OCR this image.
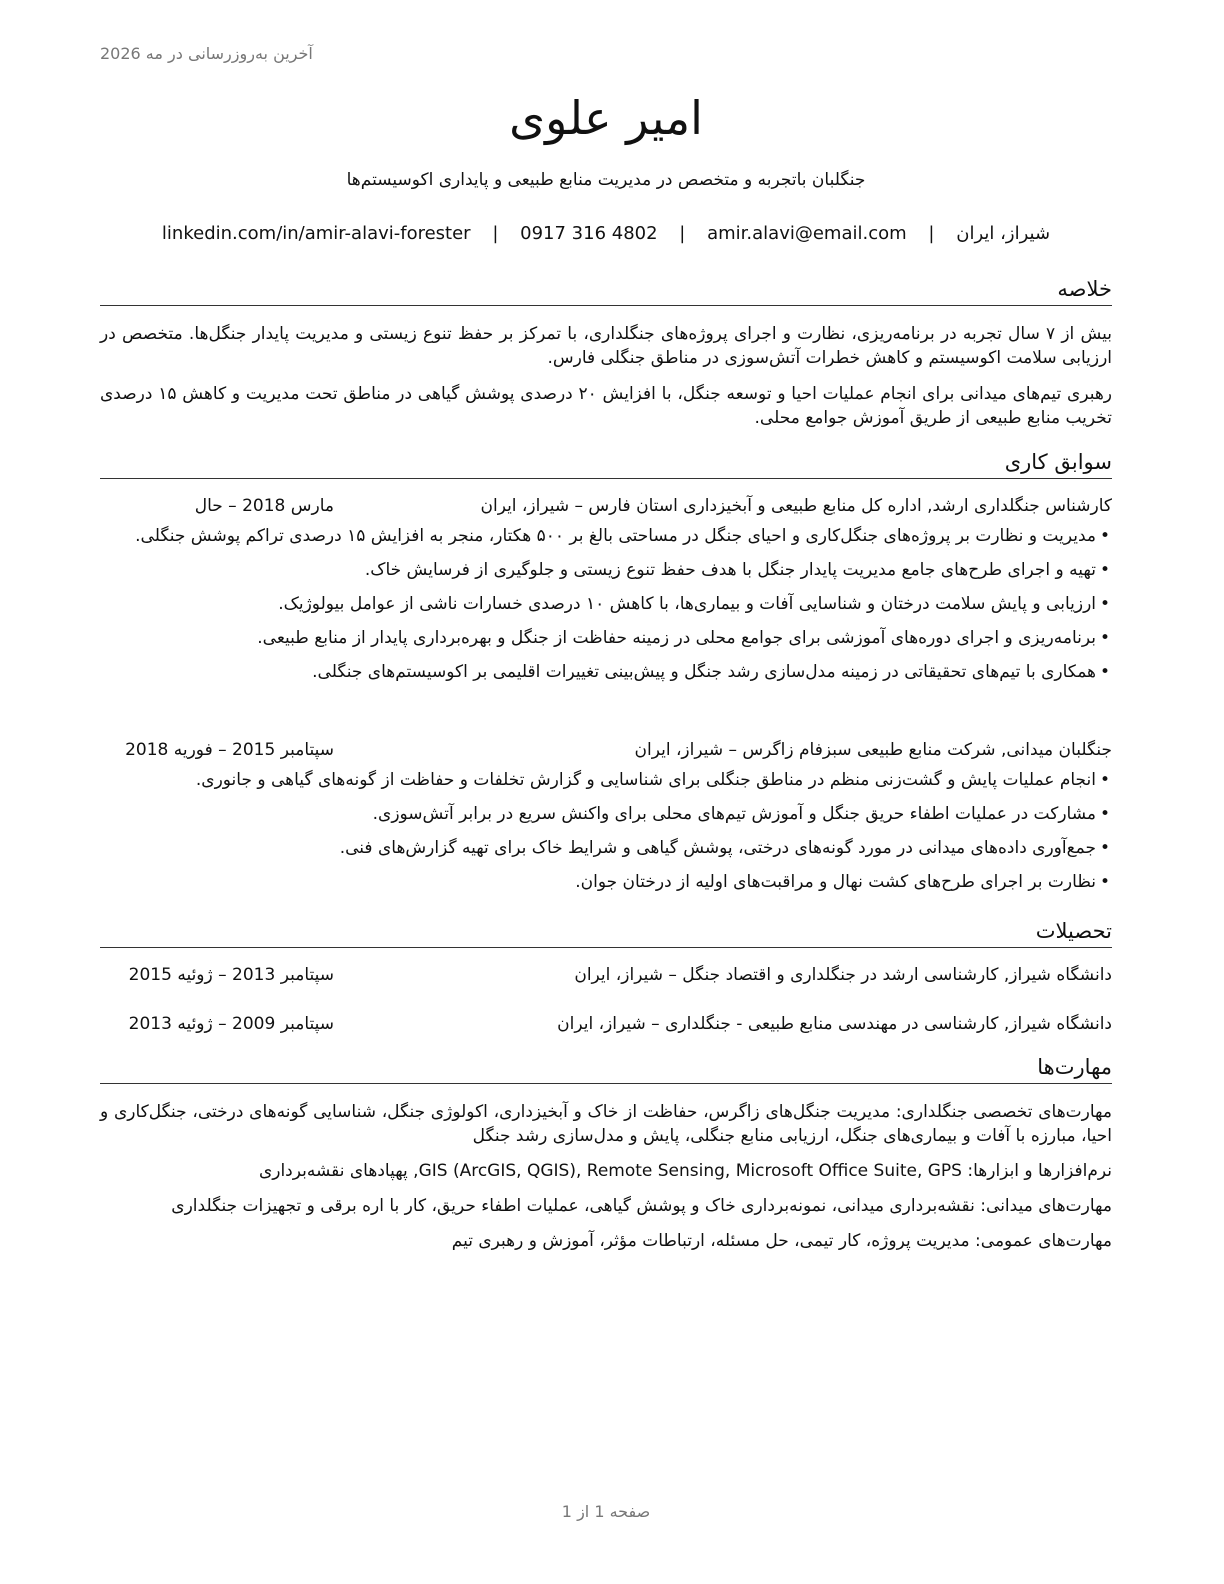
آخرین به‌روزرسانی در مه 2026
امیر علوی
جنگلبان باتجربه و متخصص در مدیریت منابع طبیعی و پایداری اکوسیستم‌ها
شیراز، ایران | amir.alavi@email.com | 0917 316 4802 | linkedin.com/in/amir-alavi-forester
خلاصه
بیش از ۷ سال تجربه در برنامه‌ریزی، نظارت و اجرای پروژه‌های جنگلداری، با تمرکز بر حفظ تنوع زیستی و مدیریت پایدار جنگل‌ها. متخصص در ارزیابی سلامت اکوسیستم و کاهش خطرات آتش‌سوزی در مناطق جنگلی فارس.
رهبری تیم‌های میدانی برای انجام عملیات احیا و توسعه جنگل، با افزایش ۲۰ درصدی پوشش گیاهی در مناطق تحت مدیریت و کاهش ۱۵ درصدی تخریب منابع طبیعی از طریق آموزش جوامع محلی.
سوابق کاری
کارشناس جنگلداری ارشد, اداره کل منابع طبیعی و آبخیزداری استان فارس – شیراز، ایران
مارس 2018 – حال
• مدیریت و نظارت بر پروژه‌های جنگل‌کاری و احیای جنگل در مساحتی بالغ بر ۵۰۰ هکتار، منجر به افزایش ۱۵ درصدی تراکم پوشش جنگلی.
• تهیه و اجرای طرح‌های جامع مدیریت پایدار جنگل با هدف حفظ تنوع زیستی و جلوگیری از فرسایش خاک.
• ارزیابی و پایش سلامت درختان و شناسایی آفات و بیماری‌ها، با کاهش ۱۰ درصدی خسارات ناشی از عوامل بیولوژیک.
• برنامه‌ریزی و اجرای دوره‌های آموزشی برای جوامع محلی در زمینه حفاظت از جنگل و بهره‌برداری پایدار از منابع طبیعی.
• همکاری با تیم‌های تحقیقاتی در زمینه مدل‌سازی رشد جنگل و پیش‌بینی تغییرات اقلیمی بر اکوسیستم‌های جنگلی.
جنگلبان میدانی, شرکت منابع طبیعی سبزفام زاگرس – شیراز، ایران
سپتامبر 2015 – فوریه 2018
• انجام عملیات پایش و گشت‌زنی منظم در مناطق جنگلی برای شناسایی و گزارش تخلفات و حفاظت از گونه‌های گیاهی و جانوری.
• مشارکت در عملیات اطفاء حریق جنگل و آموزش تیم‌های محلی برای واکنش سریع در برابر آتش‌سوزی.
• جمع‌آوری داده‌های میدانی در مورد گونه‌های درختی، پوشش گیاهی و شرایط خاک برای تهیه گزارش‌های فنی.
• نظارت بر اجرای طرح‌های کشت نهال و مراقبت‌های اولیه از درختان جوان.
تحصیلات
دانشگاه شیراز, کارشناسی ارشد در جنگلداری و اقتصاد جنگل – شیراز، ایران
سپتامبر 2013 – ژوئیه 2015
دانشگاه شیراز, کارشناسی در مهندسی منابع طبیعی - جنگلداری – شیراز، ایران
سپتامبر 2009 – ژوئیه 2013
مهارت‌ها
مهارت‌های تخصصی جنگلداری: مدیریت جنگل‌های زاگرس، حفاظت از خاک و آبخیزداری، اکولوژی جنگل، شناسایی گونه‌های درختی، جنگل‌کاری و احیا، مبارزه با آفات و بیماری‌های جنگل، ارزیابی منابع جنگلی، پایش و مدل‌سازی رشد جنگل
نرم‌افزارها و ابزارها: GIS (ArcGIS, QGIS), Remote Sensing, Microsoft Office Suite, GPS, پهپادهای نقشه‌برداری
مهارت‌های میدانی: نقشه‌برداری میدانی، نمونه‌برداری خاک و پوشش گیاهی، عملیات اطفاء حریق، کار با اره برقی و تجهیزات جنگلداری
مهارت‌های عمومی: مدیریت پروژه، کار تیمی، حل مسئله، ارتباطات مؤثر، آموزش و رهبری تیم
صفحه 1 از 1
